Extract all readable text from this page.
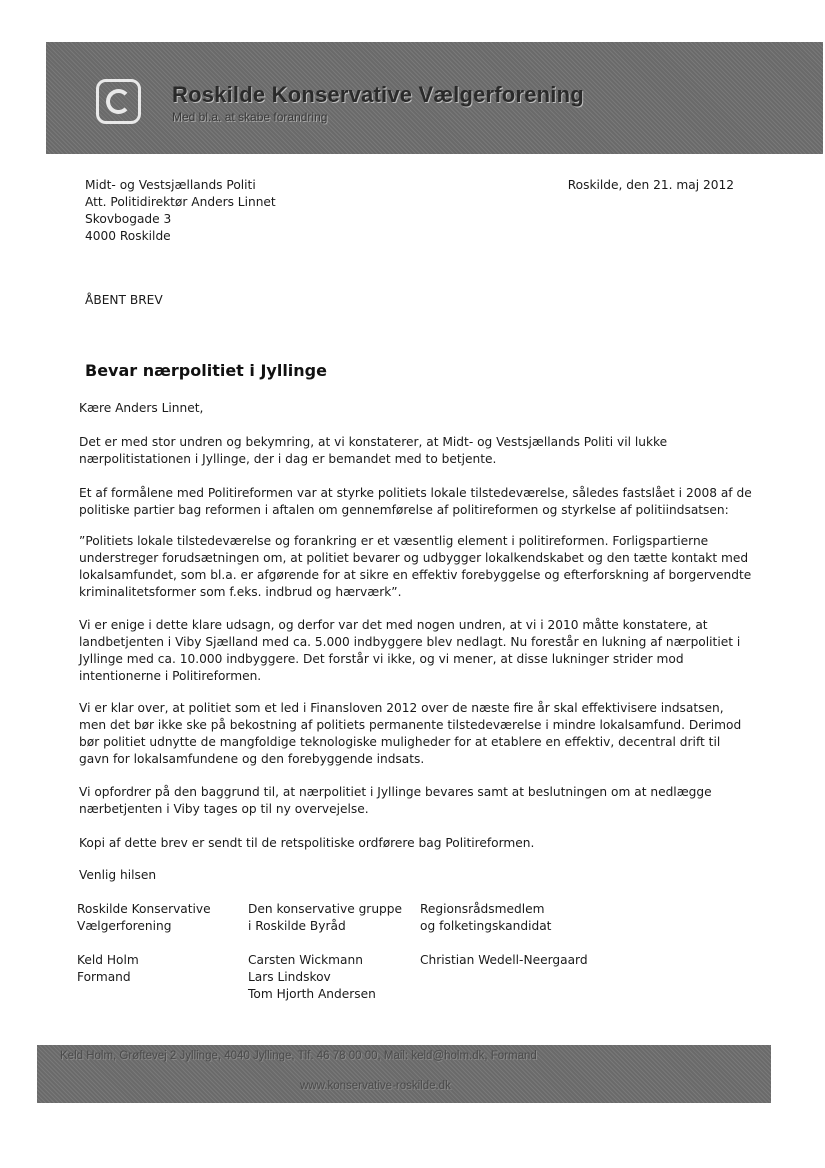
Roskilde Konservative Vælgerforening
Med bl.a. at skabe forandring
Midt- og Vestsjællands Politi
Att. Politidirektør Anders Linnet
Skovbogade 3
4000 Roskilde
Roskilde, den 21. maj 2012
ÅBENT BREV
Bevar nærpolitiet i Jyllinge
Kære Anders Linnet,
Det er med stor undren og bekymring, at vi konstaterer, at Midt- og Vestsjællands Politi vil lukke
nærpolitistationen i Jyllinge, der i dag er bemandet med to betjente.
Et af formålene med Politireformen var at styrke politiets lokale tilstedeværelse, således fastslået i 2008 af de
politiske partier bag reformen i aftalen om gennemførelse af politireformen og styrkelse af politiindsatsen:
”Politiets lokale tilstedeværelse og forankring er et væsentlig element i politireformen. Forligspartierne
understreger forudsætningen om, at politiet bevarer og udbygger lokalkendskabet og den tætte kontakt med
lokalsamfundet, som bl.a. er afgørende for at sikre en effektiv forebyggelse og efterforskning af borgervendte
kriminalitetsformer som f.eks. indbrud og hærværk”.
Vi er enige i dette klare udsagn, og derfor var det med nogen undren, at vi i 2010 måtte konstatere, at
landbetjenten i Viby Sjælland med ca. 5.000 indbyggere blev nedlagt. Nu forestår en lukning af nærpolitiet i
Jyllinge med ca. 10.000 indbyggere. Det forstår vi ikke, og vi mener, at disse lukninger strider mod
intentionerne i Politireformen.
Vi er klar over, at politiet som et led i Finansloven 2012 over de næste fire år skal effektivisere indsatsen,
men det bør ikke ske på bekostning af politiets permanente tilstedeværelse i mindre lokalsamfund. Derimod
bør politiet udnytte de mangfoldige teknologiske muligheder for at etablere en effektiv, decentral drift til
gavn for lokalsamfundene og den forebyggende indsats.
Vi opfordrer på den baggrund til, at nærpolitiet i Jyllinge bevares samt at beslutningen om at nedlægge
nærbetjenten i Viby tages op til ny overvejelse.
Kopi af dette brev er sendt til de retspolitiske ordførere bag Politireformen.
Venlig hilsen
Roskilde Konservative
Vælgerforening
Keld Holm
Formand
Den konservative gruppe
i Roskilde Byråd
Carsten Wickmann
Lars Lindskov
Tom Hjorth Andersen
Regionsrådsmedlem
og folketingskandidat
Christian Wedell-Neergaard
Keld Holm, Grøftevej 2 Jyllinge, 4040 Jyllinge, Tlf. 46 78 00 00, Mail: keld@holm.dk, Formand
www.konservative-roskilde.dk
